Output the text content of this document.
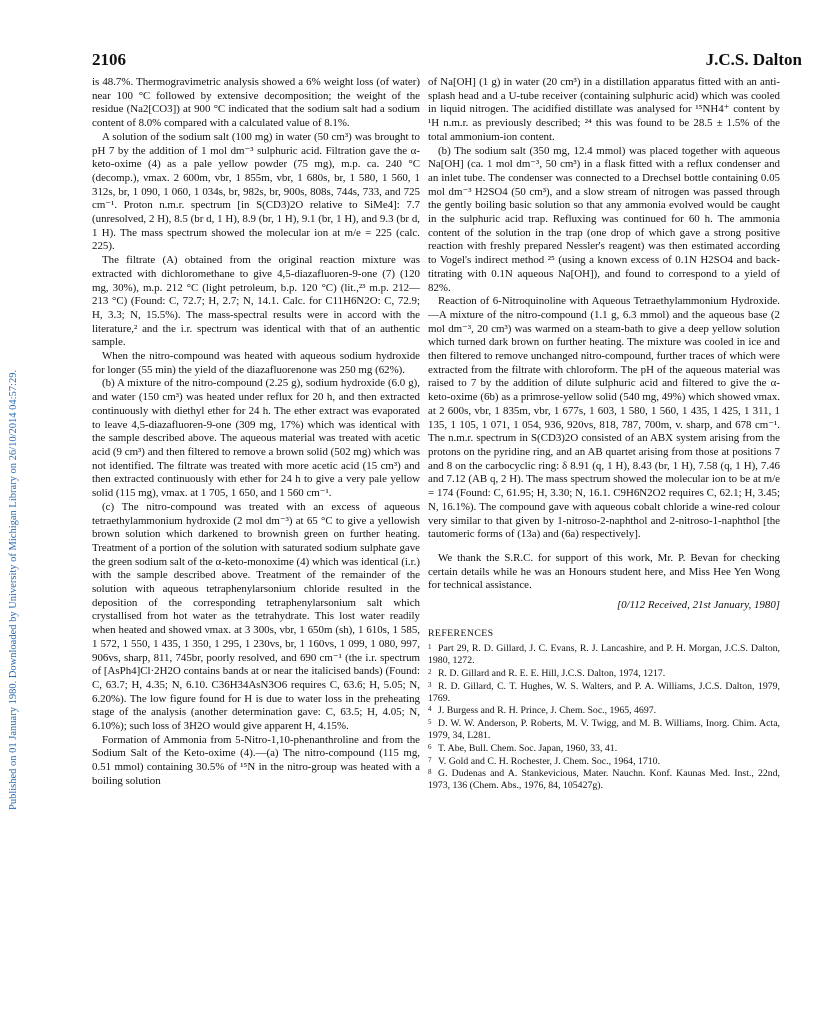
Published on 01 January 1980. Downloaded by University of Michigan Library on 26/10/2014 04:57:29.
2106	J.C.S. Dalton

is 48.7%. Thermogravimetric analysis showed a 6% weight loss (of water) near 100 °C followed by extensive decomposition; the weight of the residue (Na2[CO3]) at 900 °C indicated that the sodium salt had a sodium content of 8.0% compared with a calculated value of 8.1%.

A solution of the sodium salt (100 mg) in water (50 cm³) was brought to pH 7 by the addition of 1 mol dm⁻³ sulphuric acid. Filtration gave the α-keto-oxime (4) as a pale yellow powder (75 mg), m.p. ca. 240 °C (decomp.), νmax. 2 600m, vbr, 1 855m, vbr, 1 680s, br, 1 580, 1 560, 1 312s, br, 1 090, 1 060, 1 034s, br, 982s, br, 900s, 808s, 744s, 733, and 725 cm⁻¹. Proton n.m.r. spectrum [in S(CD3)2O relative to SiMe4]: 7.7 (unresolved, 2 H), 8.5 (br d, 1 H), 8.9 (br, 1 H), 9.1 (br, 1 H), and 9.3 (br d, 1 H). The mass spectrum showed the molecular ion at m/e = 225 (calc. 225).

The filtrate (A) obtained from the original reaction mixture was extracted with dichloromethane to give 4,5-diazafluoren-9-one (7) (120 mg, 30%), m.p. 212 °C (light petroleum, b.p. 120 °C) (lit.,²³ m.p. 212—213 °C) (Found: C, 72.7; H, 2.7; N, 14.1. Calc. for C11H6N2O: C, 72.9; H, 3.3; N, 15.5%). The mass-spectral results were in accord with the literature,² and the i.r. spectrum was identical with that of an authentic sample.

When the nitro-compound was heated with aqueous sodium hydroxide for longer (55 min) the yield of the diazafluorenone was 250 mg (62%).

(b) A mixture of the nitro-compound (2.25 g), sodium hydroxide (6.0 g), and water (150 cm³) was heated under reflux for 20 h, and then extracted continuously with diethyl ether for 24 h. The ether extract was evaporated to leave 4,5-diazafluoren-9-one (309 mg, 17%) which was identical with the sample described above. The aqueous material was treated with acetic acid (9 cm³) and then filtered to remove a brown solid (502 mg) which was not identified. The filtrate was treated with more acetic acid (15 cm³) and then extracted continuously with ether for 24 h to give a very pale yellow solid (115 mg), νmax. at 1 705, 1 650, and 1 560 cm⁻¹.

(c) The nitro-compound was treated with an excess of aqueous tetraethylammonium hydroxide (2 mol dm⁻³) at 65 °C to give a yellowish brown solution which darkened to brownish green on further heating. Treatment of a portion of the solution with saturated sodium sulphate gave the green sodium salt of the α-keto-monoxime (4) which was identical (i.r.) with the sample described above. Treatment of the remainder of the solution with aqueous tetraphenylarsonium chloride resulted in the deposition of the corresponding tetraphenylarsonium salt which crystallised from hot water as the tetrahydrate. This lost water readily when heated and showed νmax. at 3 300s, vbr, 1 650m (sh), 1 610s, 1 585, 1 572, 1 550, 1 435, 1 350, 1 295, 1 230vs, br, 1 160vs, 1 099, 1 080, 997, 906vs, sharp, 811, 745br, poorly resolved, and 690 cm⁻¹ (the i.r. spectrum of [AsPh4]Cl·2H2O contains bands at or near the italicised bands) (Found: C, 63.7; H, 4.35; N, 6.10. C36H34AsN3O6 requires C, 63.6; H, 5.05; N, 6.20%). The low figure found for H is due to water loss in the preheating stage of the analysis (another determination gave: C, 63.5; H, 4.05; N, 6.10%); such loss of 3H2O would give apparent H, 4.15%.

Formation of Ammonia from 5-Nitro-1,10-phenanthroline and from the Sodium Salt of the Keto-oxime (4).—(a) The nitro-compound (115 mg, 0.51 mmol) containing 30.5% of ¹⁵N in the nitro-group was heated with a boiling solution

of Na[OH] (1 g) in water (20 cm³) in a distillation apparatus fitted with an anti-splash head and a U-tube receiver (containing sulphuric acid) which was cooled in liquid nitrogen. The acidified distillate was analysed for ¹⁵NH4⁺ content by ¹H n.m.r. as previously described; ²⁴ this was found to be 28.5 ± 1.5% of the total ammonium-ion content.

(b) The sodium salt (350 mg, 12.4 mmol) was placed together with aqueous Na[OH] (ca. 1 mol dm⁻³, 50 cm³) in a flask fitted with a reflux condenser and an inlet tube. The condenser was connected to a Drechsel bottle containing 0.05 mol dm⁻³ H2SO4 (50 cm³), and a slow stream of nitrogen was passed through the gently boiling basic solution so that any ammonia evolved would be caught in the sulphuric acid trap. Refluxing was continued for 60 h. The ammonia content of the solution in the trap (one drop of which gave a strong positive reaction with freshly prepared Nessler's reagent) was then estimated according to Vogel's indirect method ²⁵ (using a known excess of 0.1N H2SO4 and back-titrating with 0.1N aqueous Na[OH]), and found to correspond to a yield of 82%.

Reaction of 6-Nitroquinoline with Aqueous Tetraethylammonium Hydroxide.—A mixture of the nitro-compound (1.1 g, 6.3 mmol) and the aqueous base (2 mol dm⁻³, 20 cm³) was warmed on a steam-bath to give a deep yellow solution which turned dark brown on further heating. The mixture was cooled in ice and then filtered to remove unchanged nitro-compound, further traces of which were extracted from the filtrate with chloroform. The pH of the aqueous material was raised to 7 by the addition of dilute sulphuric acid and filtered to give the α-keto-oxime (6b) as a primrose-yellow solid (540 mg, 49%) which showed νmax. at 2 600s, vbr, 1 835m, vbr, 1 677s, 1 603, 1 580, 1 560, 1 435, 1 425, 1 311, 1 135, 1 105, 1 071, 1 054, 936, 920vs, 818, 787, 700m, v. sharp, and 678 cm⁻¹. The n.m.r. spectrum in S(CD3)2O consisted of an ABX system arising from the protons on the pyridine ring, and an AB quartet arising from those at positions 7 and 8 on the carbocyclic ring: δ 8.91 (q, 1 H), 8.43 (br, 1 H), 7.58 (q, 1 H), 7.46 and 7.12 (AB q, 2 H). The mass spectrum showed the molecular ion to be at m/e = 174 (Found: C, 61.95; H, 3.30; N, 16.1. C9H6N2O2 requires C, 62.1; H, 3.45; N, 16.1%). The compound gave with aqueous cobalt chloride a wine-red colour very similar to that given by 1-nitroso-2-naphthol and 2-nitroso-1-naphthol [the tautomeric forms of (13a) and (6a) respectively].

We thank the S.R.C. for support of this work, Mr. P. Bevan for checking certain details while he was an Honours student here, and Miss Hee Yen Wong for technical assistance.

[0/112 Received, 21st January, 1980]

REFERENCES
1 Part 29, R. D. Gillard, J. C. Evans, R. J. Lancashire, and P. H. Morgan, J.C.S. Dalton, 1980, 1272.
2 R. D. Gillard and R. E. E. Hill, J.C.S. Dalton, 1974, 1217.
3 R. D. Gillard, C. T. Hughes, W. S. Walters, and P. A. Williams, J.C.S. Dalton, 1979, 1769.
4 J. Burgess and R. H. Prince, J. Chem. Soc., 1965, 4697.
5 D. W. W. Anderson, P. Roberts, M. V. Twigg, and M. B. Williams, Inorg. Chim. Acta, 1979, 34, L281.
6 T. Abe, Bull. Chem. Soc. Japan, 1960, 33, 41.
7 V. Gold and C. H. Rochester, J. Chem. Soc., 1964, 1710.
8 G. Dudenas and A. Stankevicious, Mater. Nauchn. Konf. Kaunas Med. Inst., 22nd, 1973, 136 (Chem. Abs., 1976, 84, 105427g).
